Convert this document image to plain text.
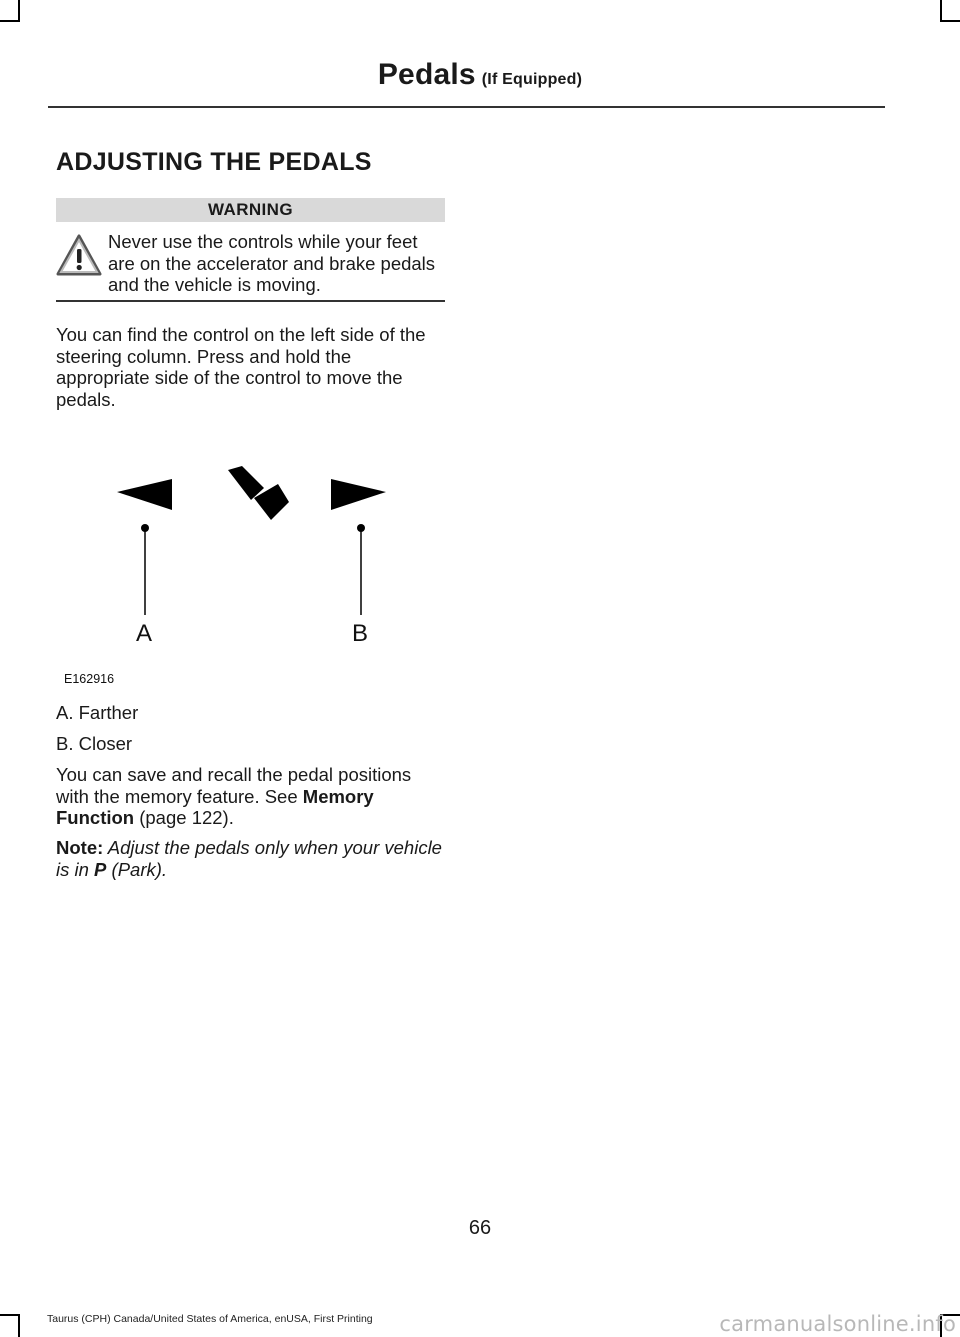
Pedals (If Equipped)
ADJUSTING THE PEDALS
WARNING

Never use the controls while your feet are on the accelerator and brake pedals and the vehicle is moving.

You can find the control on the left side of the steering column. Press and hold the appropriate side of the control to move the pedals.

A	B
E162916

A. Farther

B. Closer

You can save and recall the pedal positions with the memory feature. See Memory Function (page 122).

Note: Adjust the pedals only when your vehicle is in P (Park).

66
Taurus (CPH) Canada/United States of America, enUSA, First Printing	carmanualsonline.info
